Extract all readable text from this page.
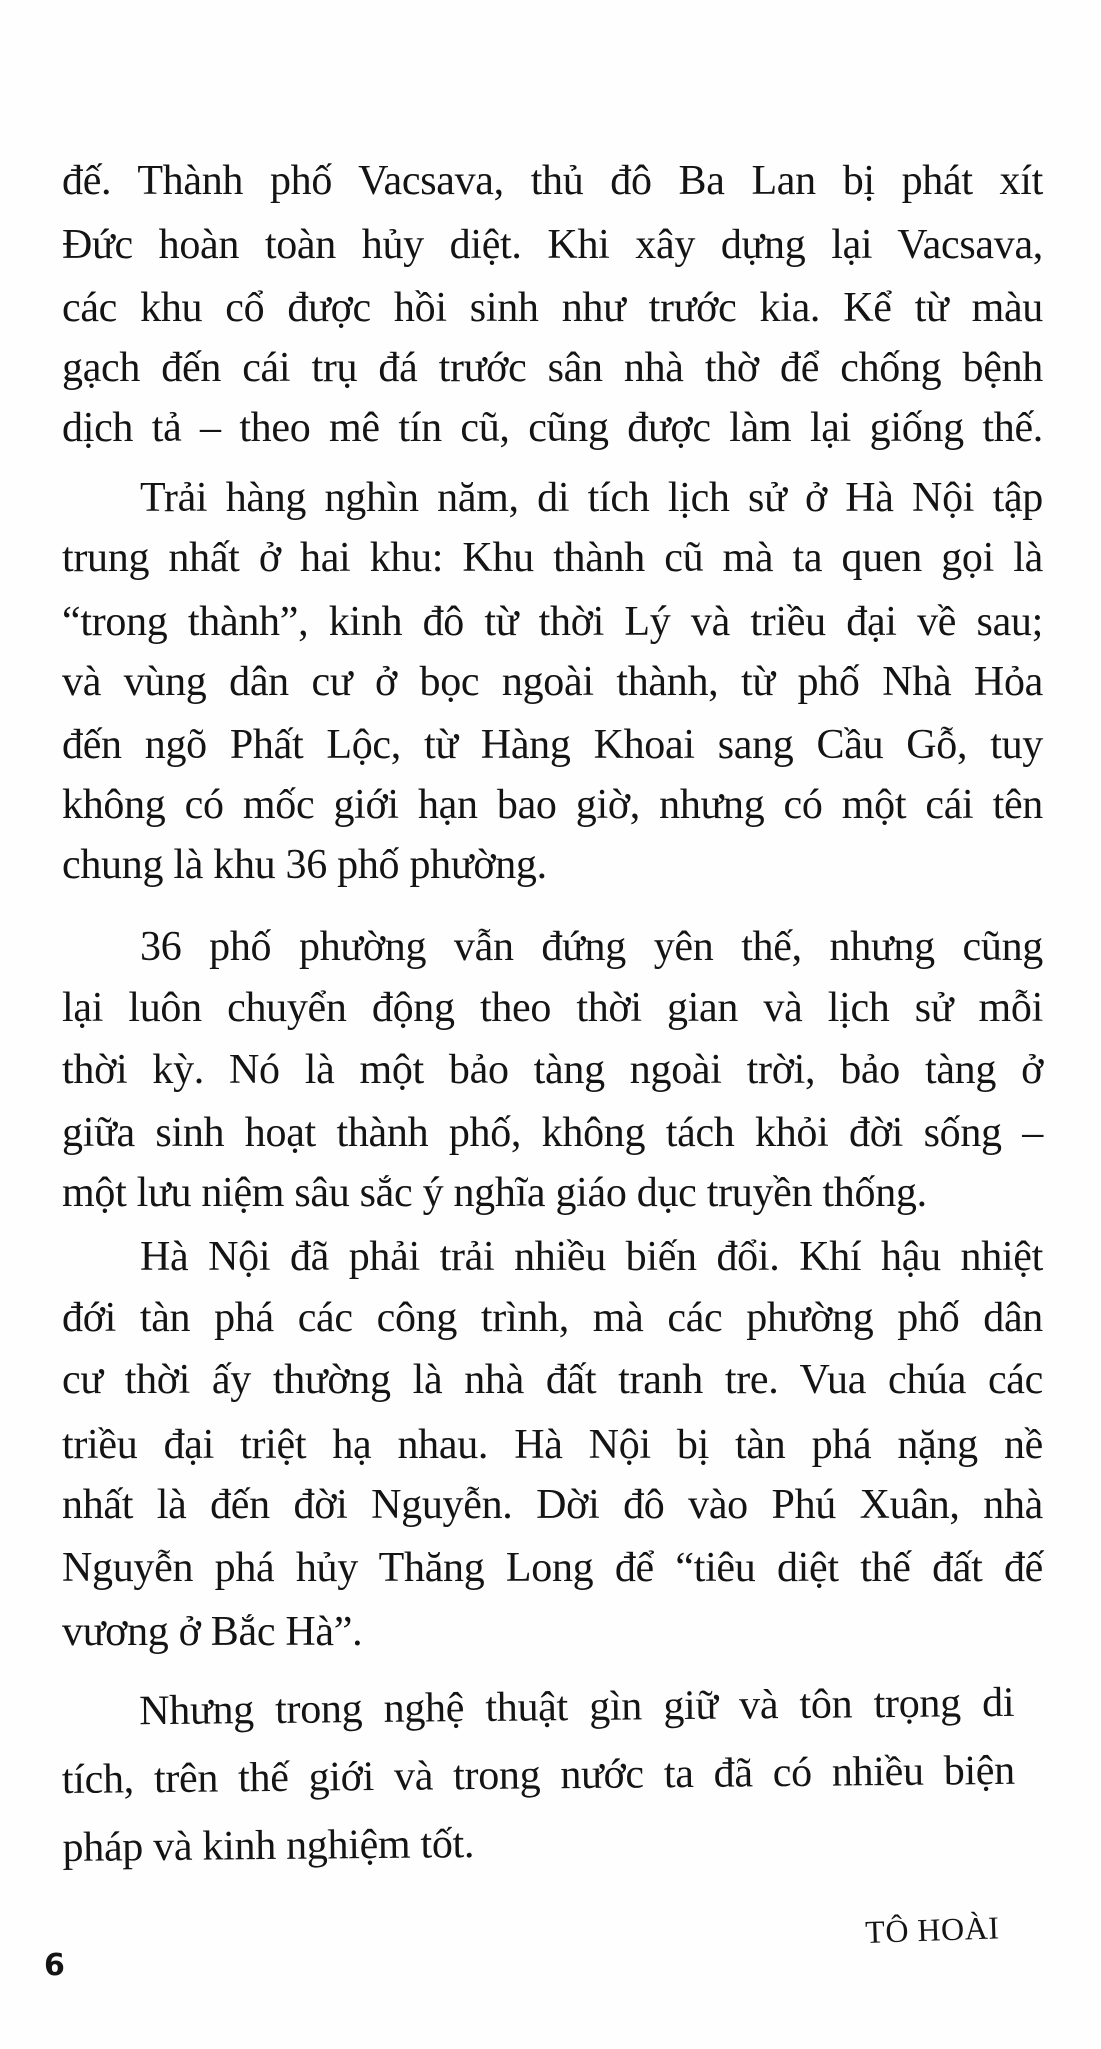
đế. Thành phố Vacsava, thủ đô Ba Lan bị phát xít
Đức hoàn toàn hủy diệt. Khi xây dựng lại Vacsava,
các khu cổ được hồi sinh như trước kia. Kể từ màu
gạch đến cái trụ đá trước sân nhà thờ để chống bệnh
dịch tả – theo mê tín cũ, cũng được làm lại giống thế.
Trải hàng nghìn năm, di tích lịch sử ở Hà Nội tập
trung nhất ở hai khu: Khu thành cũ mà ta quen gọi là
“trong thành”, kinh đô từ thời Lý và triều đại về sau;
và vùng dân cư ở bọc ngoài thành, từ phố Nhà Hỏa
đến ngõ Phất Lộc, từ Hàng Khoai sang Cầu Gỗ, tuy
không có mốc giới hạn bao giờ, nhưng có một cái tên
chung là khu 36 phố phường.
36 phố phường vẫn đứng yên thế, nhưng cũng
lại luôn chuyển động theo thời gian và lịch sử mỗi
thời kỳ. Nó là một bảo tàng ngoài trời, bảo tàng ở
giữa sinh hoạt thành phố, không tách khỏi đời sống –
một lưu niệm sâu sắc ý nghĩa giáo dục truyền thống.
Hà Nội đã phải trải nhiều biến đổi. Khí hậu nhiệt
đới tàn phá các công trình, mà các phường phố dân
cư thời ấy thường là nhà đất tranh tre. Vua chúa các
triều đại triệt hạ nhau. Hà Nội bị tàn phá nặng nề
nhất là đến đời Nguyễn. Dời đô vào Phú Xuân, nhà
Nguyễn phá hủy Thăng Long để “tiêu diệt thế đất đế
vương ở Bắc Hà”.
Nhưng trong nghệ thuật gìn giữ và tôn trọng di
tích, trên thế giới và trong nước ta đã có nhiều biện
pháp và kinh nghiệm tốt.
TÔ HOÀI
6
